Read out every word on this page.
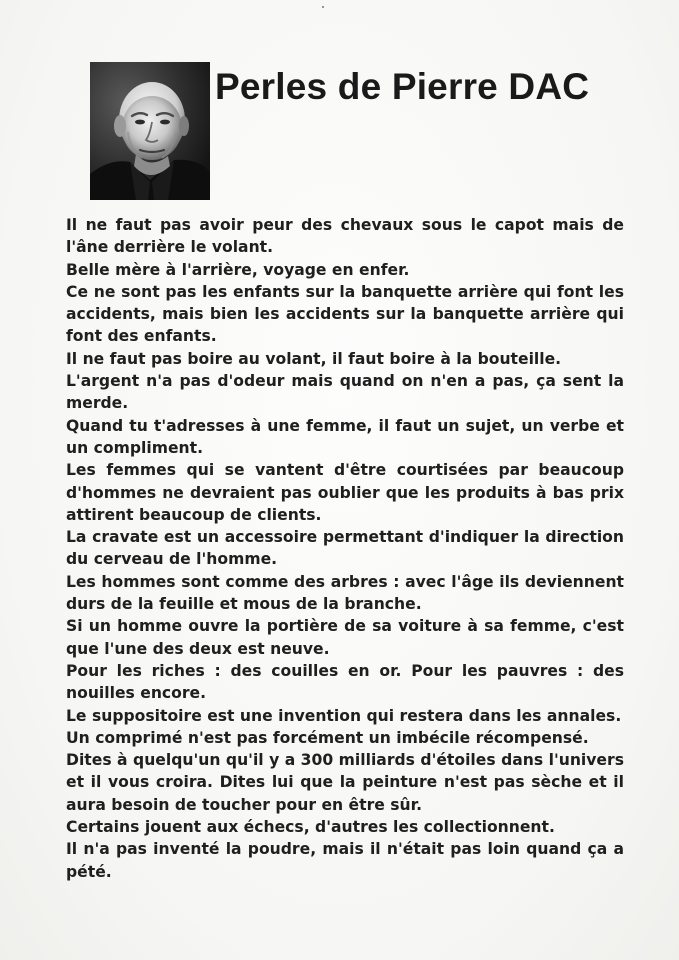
Perles de Pierre DAC
Il ne faut pas avoir peur des chevaux sous le capot mais de l'âne derrière le volant.
Belle mère à l'arrière, voyage en enfer.
Ce ne sont pas les enfants sur la banquette arrière qui font les accidents, mais bien les accidents sur la banquette arrière qui font des enfants.
Il ne faut pas boire au volant, il faut boire à la bouteille.
L'argent n'a pas d'odeur mais quand on n'en a pas, ça sent la merde.
Quand tu t'adresses à une femme, il faut un sujet, un verbe et un compliment.
Les femmes qui se vantent d'être courtisées par beaucoup d'hommes ne devraient pas oublier que les produits à bas prix attirent beaucoup de clients.
La cravate est un accessoire permettant d'indiquer la direction du cerveau de l'homme.
Les hommes sont comme des arbres : avec l'âge ils deviennent durs de la feuille et mous de la branche.
Si un homme ouvre la portière de sa voiture à sa femme, c'est que l'une des deux est neuve.
Pour les riches : des couilles en or. Pour les pauvres : des nouilles encore.
Le suppositoire est une invention qui restera dans les annales.
Un comprimé n'est pas forcément un imbécile récompensé.
Dites à quelqu'un qu'il y a 300 milliards d'étoiles dans l'univers et il vous croira. Dites lui que la peinture n'est pas sèche et il aura besoin de toucher pour en être sûr.
Certains jouent aux échecs, d'autres les collectionnent.
Il n'a pas inventé la poudre, mais il n'était pas loin quand ça a pété.
